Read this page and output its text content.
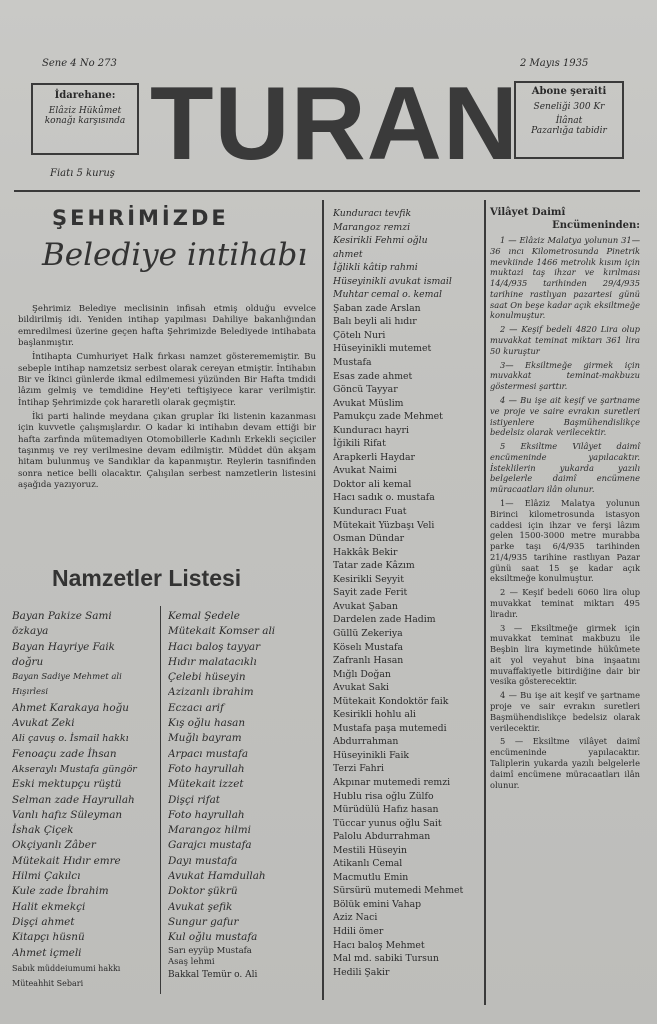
Sene 4 No 273	2 Mayıs 1935
İdarehane:
Elâziz Hükûmet
konağı karşısında TURAN	Abone şeraiti
Seneliği 300 Kr
İlânat
Pazarlığa tabidir
Fiatı 5 kuruş
ŞEHRİMİZDE
Belediye intihabı

Şehrimiz Belediye meclisinin infisah etmiş olduğu evvelce bildirilmiş idi. Yeniden intihap yapılması Dahiliye bakanlığından emredilmesi üzerine geçen hafta Şehrimizde Belediyede intihabata başlanmıştır.

İntihapta Cumhuriyet Halk fırkası namzet gösterememiştir. Bu sebeple intihap namzetsiz serbest olarak cereyan etmiştir. İntihabın Bir ve İkinci günlerde ikmal edilmemesi yüzünden Bir Hafta tmdidi lâzım gelmiş ve temdidine Hey'eti teftişiyece karar verilmiştir. İntihap Şehrimizde çok hararetli olarak geçmiştir.

İki parti halinde meydana çıkan gruplar İki listenin kazanması için kuvvetle çalışmışlardır. O kadar ki intihabın devam ettiği bir hafta zarfında mütemadiyen Otomobillerle Kadınlı Erkekli seçiciler taşınmış ve rey verilmesine devam edilmiştir. Müddet dün akşam hitam bulunmuş ve Sandıklar da kapanmıştır. Reylerin tasnifinden sonra netice belli olacaktır. Çalışılan serbest namzetlerin listesini aşağıda yazıyoruz.

Namzetler Listesi
Bayan Pakize Sami
özkaya
Bayan Hayriye Faik
doğru
Bayan Sadiye Mehmet ali
Hışırlesi
Ahmet Karakaya hoğu
Avukat Zeki
Ali çavuş o. İsmail hakkı
Fenoaçu zade İhsan
Akseraylı Mustafa güngör
Eski mektupçu rüştü
Selman zade Hayrullah
Vanlı hafız Süleyman
İshak Çiçek
Okçiyanlı Zâber
Mütekait Hıdır emre
Hilmi Çakılcı
Kule zade İbrahim
Halit ekmekçi
Dişçi ahmet
Kitapçı hüsnü
Ahmet içmeli
Sabık müddeiumumi hakkı
Müteahhit Sebari
Kemal Şedele
Mütekait Komser ali
Hacı baloş tayyar
Hıdır malatacıklı
Çelebi hüseyin
Azizanlı ibrahim
Eczacı arif
Kış oğlu hasan
Muğlı bayram
Arpacı mustafa
Foto hayrullah
Mütekait izzet
Dişçi rifat
Foto hayrullah
Marangoz hilmi
Garajcı mustafa
Dayı mustafa
Avukat Hamdullah
Doktor şükrü
Avukat şefik
Sungur gafur
Kul oğlu mustafa
Sarı eyyüp Mustafa
Asaş lehmi
Bakkal Temür o. Ali
Kunduracı tevfik
Marangoz remzi
Kesirikli Fehmi oğlu
ahmet
İğlikli kâtip rahmi
Hüseyinikli avukat ismail
Muhtar cemal o. kemal
Şaban zade Arslan
Balı beyli ali hıdır
Çötelı Nuri
Hüseyinikli mutemet
Mustafa
Esas zade ahmet
Göncü Tayyar
Avukat Müslim
Pamukçu zade Mehmet
Kunduracı hayri
İğikili Rifat
Arapkerli Haydar
Avukat Naimi
Doktor ali kemal
Hacı sadık o. mustafa
Kunduracı Fuat
Mütekait Yüzbaşı Veli
Osman Dündar
Hakkâk Bekir
Tatar zade Kâzım
Kesirikli Seyyit
Sayit zade Ferit
Avukat Şaban
Dardelen zade Hadim
Güllü Zekeriya
Köselı Mustafa
Zafranlı Hasan
Mığlı Doğan
Avukat Saki
Mütekait Kondoktör faik
Kesirikli hohlu ali
Mustafa paşa mutemedi
Abdurrahman
Hüseyinikli Faik
Terzi Fahri
Akpınar mutemedi remzi
Hublu risa oğlu Zülfo
Mürüdülü Hafız hasan
Tüccar yunus oğlu Sait
Palolu Abdurrahman
Mestili Hüseyin
Atikanlı Cemal
Macmutlu Emin
Sürsürü mutemedi Mehmet
Bölük emini Vahap
Aziz Naci
Hdili ömer
Hacı baloş Mehmet
Mal md. sabiki Tursun
Hedili Şakir
Vilâyet Daimî
Encümeninden:

1 — Elâziz Malatya yolunun 31—36 ıncı Kilometrosunda Pinetrik mevkiinde 1466 metrolık kısım için muktazi taş ihzar ve kırılması 14/4/935 tarihinden 29/4/935 tarihine rastlıyan pazartesi günü saat On beşe kadar açık eksiltmeğe konulmuştur.

2 — Keşif bedeli 4820 Lira olup muvakkat teminat miktarı 361 lira 50 kuruştur

3— Eksiltmeğe girmek için muvakkat teminat-makbuzu göstermesi şarttır.

4 — Bu işe ait keşif ve şartname ve proje ve saire evrakın suretleri istiyenlere Başmühendislikçe bedelsiz olarak verilecektir.

5 Eksiltme Vilâyet daimî encümeninde yapılacaktır. İsteklilerin yukarda yazılı belgelerle daimî encümene müracaatları ilân olunur.

1— Elâziz Malatya yolunun Birinci kilometrosunda istasyon caddesi için ihzar ve ferşi lâzım gelen 1500-3000 metre murabba parke taşı 6/4/935 tarihinden 21/4/935 tarihine rastlıyan Pazar günü saat 15 şe kadar açık eksiltmeğe konulmuştur.

2 — Keşif bedeli 6060 lira olup muvakkat teminat miktarı 495 liradır.

3 — Eksiltmeğe girmek için muvakkat teminat makbuzu ile Beşbin lira kıymetinde hükûmete ait yol veyahut bina inşaatını muvaffakiyetle bitirdiğine dair bir vesika gösterecektir.

4 — Bu işe ait keşif ve şartname proje ve sair evrakın suretleri Başmühendislikçe bedelsiz olarak verilecektir.

5 — Eksiltme vilâyet daimî encümeninde yapılacaktır. Taliplerin yukarda yazılı belgelerle daimî encümene müracaatları ilân olunur.
